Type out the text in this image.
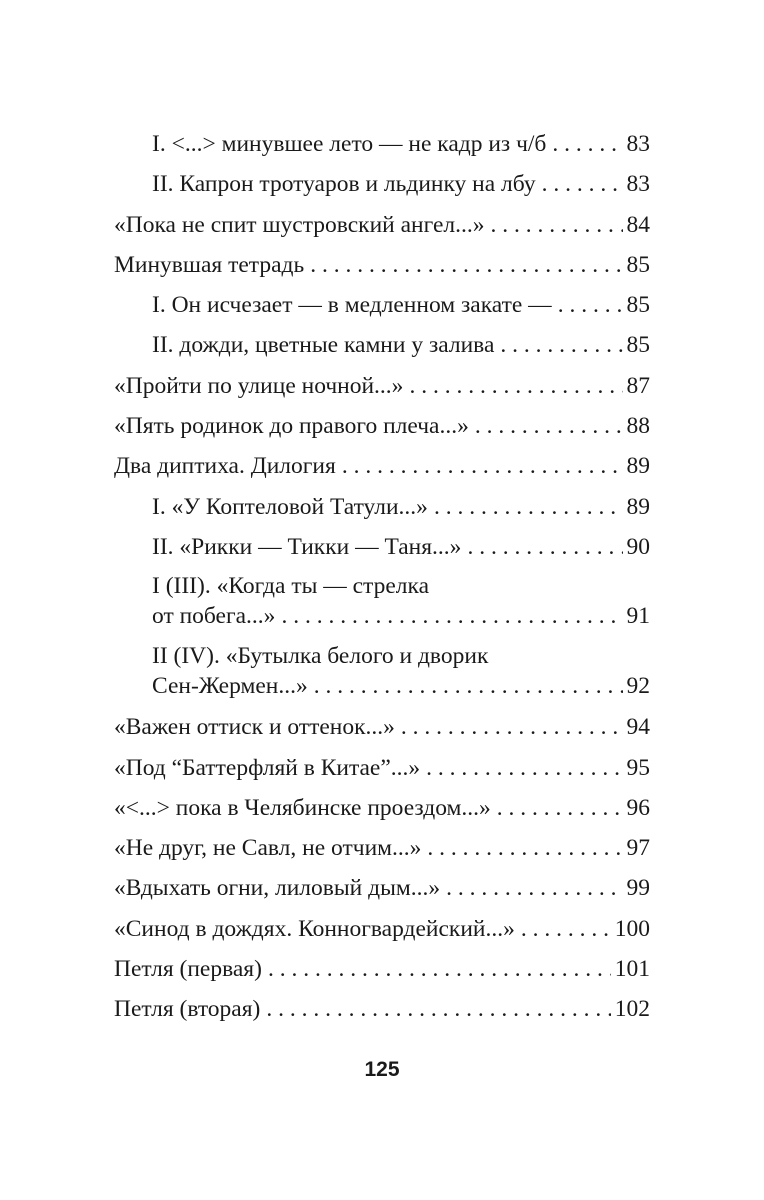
I. <...> минувшее лето — не кадр из ч/б . . .	83
II. Капрон тротуаров и льдинку на лбу . . .	83
«Пока не спит шустровский ангел...» . . .	84
Минувшая тетрадь . . .	85
I. Он исчезает — в медленном закате — . . .	85
II. дожди, цветные камни у залива . . .	85
«Пройти по улице ночной...» . . .	87
«Пять родинок до правого плеча...» . . .	88
Два диптиха. Дилогия . . .	89
I. «У Коптеловой Татули...» . . .	89
II. «Рикки — Тикки — Таня...» . . .	90
I (III). «Когда ты — стрелка
от побега...» . . .	91
II (IV). «Бутылка белого и дворик
Сен-Жермен...» . . .	92
«Важен оттиск и оттенок...» . . .	94
«Под “Баттерфляй в Китае”...» . . .	95
«<...> пока в Челябинске проездом...» . . .	96
«Не друг, не Савл, не отчим...» . . .	97
«Вдыхать огни, лиловый дым...» . . .	99
«Синод в дождях. Конногвардейский...» . . .	100
Петля (первая) . . .	101
Петля (вторая) . . .	102
125
